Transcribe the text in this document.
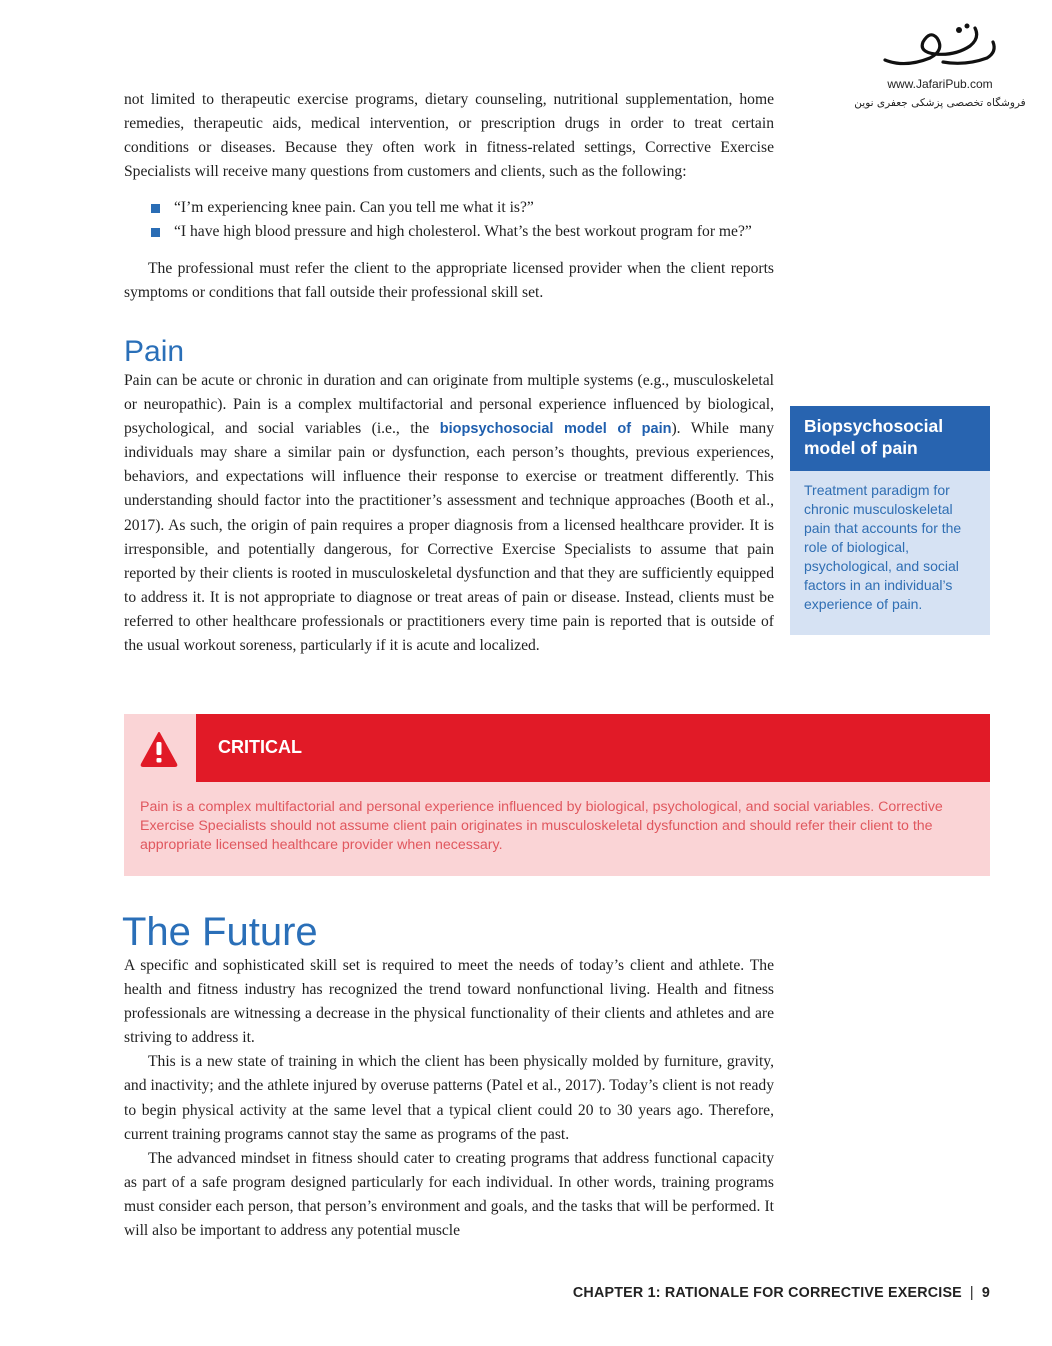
www.JafariPub.com
فروشگاه تخصصی پزشکی جعفری نوین

not limited to therapeutic exercise programs, dietary counseling, nutritional supplementation, home remedies, therapeutic aids, medical intervention, or prescription drugs in order to treat certain conditions or diseases. Because they often work in fitness-related settings, Corrective Exercise Specialists will receive many questions from customers and clients, such as the following:

“I’m experiencing knee pain. Can you tell me what it is?”
“I have high blood pressure and high cholesterol. What’s the best workout program for me?”

The professional must refer the client to the appropriate licensed provider when the client reports symptoms or conditions that fall outside their professional skill set.

Pain

Pain can be acute or chronic in duration and can originate from multiple systems (e.g., musculoskeletal or neuropathic). Pain is a complex multifactorial and personal experience influenced by biological, psychological, and social variables (i.e., the biopsychosocial model of pain). While many individuals may share a similar pain or dysfunction, each person’s thoughts, previous experiences, behaviors, and expectations will influence their response to exercise or treatment differently. This understanding should factor into the practitioner’s assessment and technique approaches (Booth et al., 2017). As such, the origin of pain requires a proper diagnosis from a licensed healthcare provider. It is irresponsible, and potentially dangerous, for Corrective Exercise Specialists to assume that pain reported by their clients is rooted in musculoskeletal dysfunction and that they are sufficiently equipped to address it. It is not appropriate to diagnose or treat areas of pain or disease. Instead, clients must be referred to other healthcare professionals or practitioners every time pain is reported that is outside of the usual workout soreness, particularly if it is acute and localized.

Biopsychosocial model of pain
Treatment paradigm for chronic musculoskeletal pain that accounts for the role of biological, psychological, and social factors in an individual’s experience of pain.
CRITICAL
Pain is a complex multifactorial and personal experience influenced by biological, psychological, and social variables. Corrective Exercise Specialists should not assume client pain originates in musculoskeletal dysfunction and should refer their client to the appropriate licensed healthcare provider when necessary.
The Future

A specific and sophisticated skill set is required to meet the needs of today’s client and athlete. The health and fitness industry has recognized the trend toward nonfunctional living. Health and fitness professionals are witnessing a decrease in the physical functionality of their clients and athletes and are striving to address it.

This is a new state of training in which the client has been physically molded by furniture, gravity, and inactivity; and the athlete injured by overuse patterns (Patel et al., 2017). Today’s client is not ready to begin physical activity at the same level that a typical client could 20 to 30 years ago. Therefore, current training programs cannot stay the same as programs of the past.

The advanced mindset in fitness should cater to creating programs that address functional capacity as part of a safe program designed particularly for each individual. In other words, training programs must consider each person, that person’s environment and goals, and the tasks that will be performed. It will also be important to address any potential muscle

CHAPTER 1: RATIONALE FOR CORRECTIVE EXERCISE | 9
